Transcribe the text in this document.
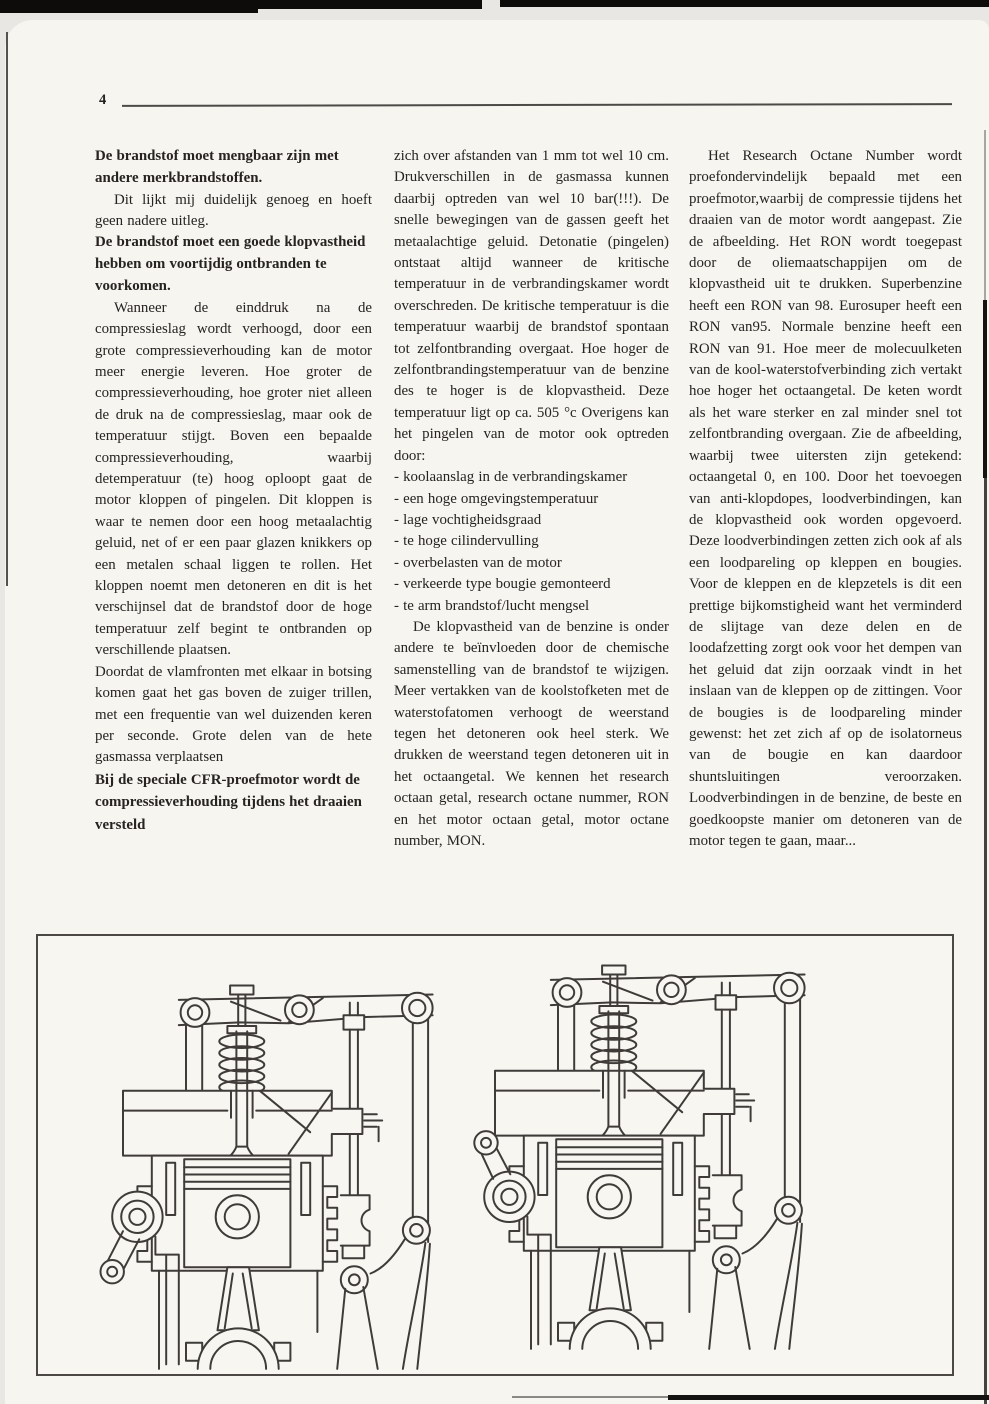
4

De brandstof moet mengbaar zijn met andere merkbrandstoffen.

Dit lijkt mij duidelijk genoeg en hoeft geen nadere uitleg.

De brandstof moet een goede klopvastheid hebben om voortijdig ontbranden te voorkomen.

Wanneer de einddruk na de compressieslag wordt verhoogd, door een grote compressieverhouding kan de motor meer energie leveren. Hoe groter de compressieverhouding, hoe groter niet alleen de druk na de compressieslag, maar ook de temperatuur stijgt. Boven een bepaalde compressieverhouding, waarbij detemperatuur (te) hoog oploopt gaat de motor kloppen of pingelen. Dit kloppen is waar te nemen door een hoog metaalachtig geluid, net of er een paar glazen knikkers op een metalen schaal liggen te rollen. Het kloppen noemt men detoneren en dit is het verschijnsel dat de brandstof door de hoge temperatuur zelf begint te ontbranden op verschillende plaatsen.

Doordat de vlamfronten met elkaar in botsing komen gaat het gas boven de zuiger trillen, met een frequentie van wel duizenden keren per seconde. Grote delen van de hete gasmassa verplaatsen

Bij de speciale CFR-proefmotor wordt de compressieverhouding tijdens het draaien versteld

zich over afstanden van 1 mm tot wel 10 cm. Drukverschillen in de gasmassa kunnen daarbij optreden van wel 10 bar(!!!). De snelle bewegingen van de gassen geeft het metaalachtige geluid. Detonatie (pingelen) ontstaat altijd wanneer de kritische temperatuur in de verbrandingskamer wordt overschreden. De kritische temperatuur is die temperatuur waarbij de brandstof spontaan tot zelfontbranding overgaat. Hoe hoger de zelfontbrandingstemperatuur van de benzine des te hoger is de klopvastheid. Deze temperatuur ligt op ca. 505 °c Overigens kan het pingelen van de motor ook optreden door:

- koolaanslag in de verbrandingskamer

- een hoge omgevingstemperatuur

- lage vochtigheidsgraad

- te hoge cilindervulling

- overbelasten van de motor

- verkeerde type bougie gemonteerd

- te arm brandstof/lucht mengsel

De klopvastheid van de benzine is onder andere te beïnvloeden door de chemische samenstelling van de brandstof te wijzigen. Meer vertakken van de koolstofketen met de waterstofatomen verhoogt de weerstand tegen het detoneren ook heel sterk. We drukken de weerstand tegen detoneren uit in het octaangetal. We kennen het research octaan getal, research octane nummer, RON en het motor octaan getal, motor octane number, MON.

Het Research Octane Number wordt proefondervindelijk bepaald met een proefmotor,waarbij de compressie tijdens het draaien van de motor wordt aangepast. Zie de afbeelding. Het RON wordt toegepast door de oliemaatschappijen om de klopvastheid uit te drukken. Superbenzine heeft een RON van 98. Eurosuper heeft een RON van95. Normale benzine heeft een RON van 91. Hoe meer de molecuulketen van de kool-waterstofverbinding zich vertakt hoe hoger het octaangetal. De keten wordt als het ware sterker en zal minder snel tot zelfontbranding overgaan. Zie de afbeelding, waarbij twee uitersten zijn getekend: octaangetal 0, en 100. Door het toevoegen van anti-klopdopes, loodverbindingen, kan de klopvastheid ook worden opgevoerd. Deze loodverbindingen zetten zich ook af als een loodpareling op kleppen en bougies. Voor de kleppen en de klepzetels is dit een prettige bijkomstigheid want het verminderd de slijtage van deze delen en de loodafzetting zorgt ook voor het dempen van het geluid dat zijn oorzaak vindt in het inslaan van de kleppen op de zittingen. Voor de bougies is de loodpareling minder gewenst: het zet zich af op de isolatorneus van de bougie en kan daardoor shuntsluitingen veroorzaken. Loodverbindingen in de benzine, de beste en goedkoopste manier om detoneren van de motor tegen te gaan, maar...
